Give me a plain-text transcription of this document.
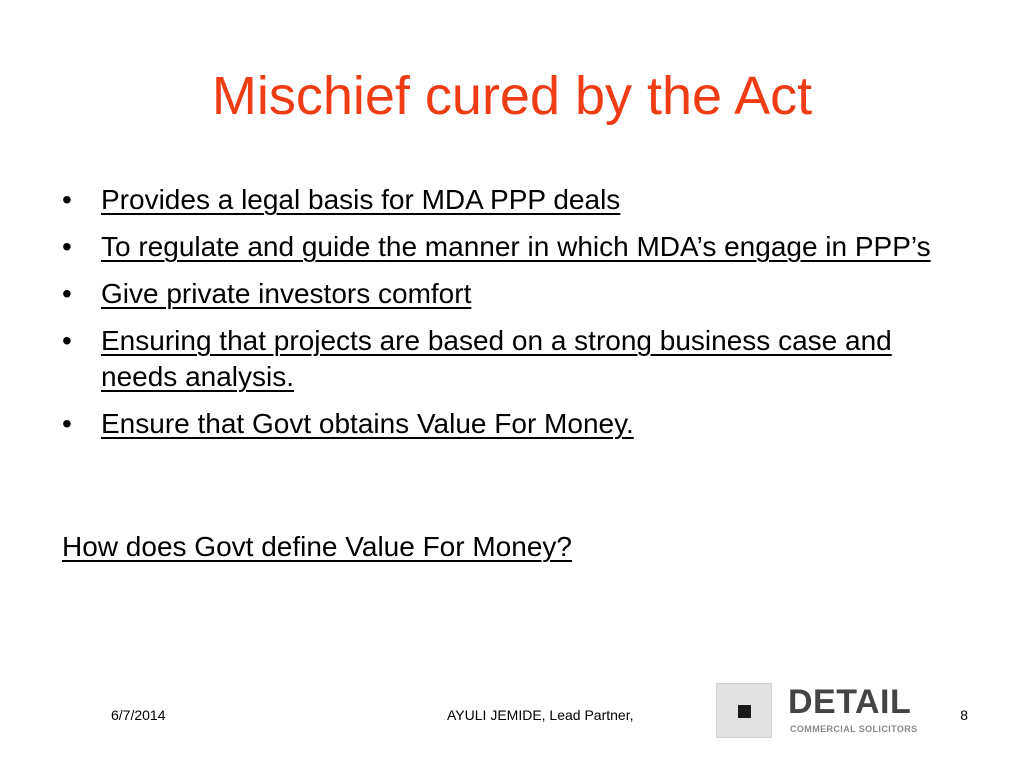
Mischief cured by the Act
•	Provides a legal basis for MDA PPP deals
•	To regulate and guide the manner in which MDA’s engage in PPP’s
•	Give private investors comfort
•	Ensuring that projects are based on a strong business case and needs analysis.
•	Ensure that Govt obtains Value For Money.
How does Govt define Value For Money?
6/7/2014	AYULI JEMIDE, Lead Partner,	DETAIL
COMMERCIAL SOLICITORS
8
